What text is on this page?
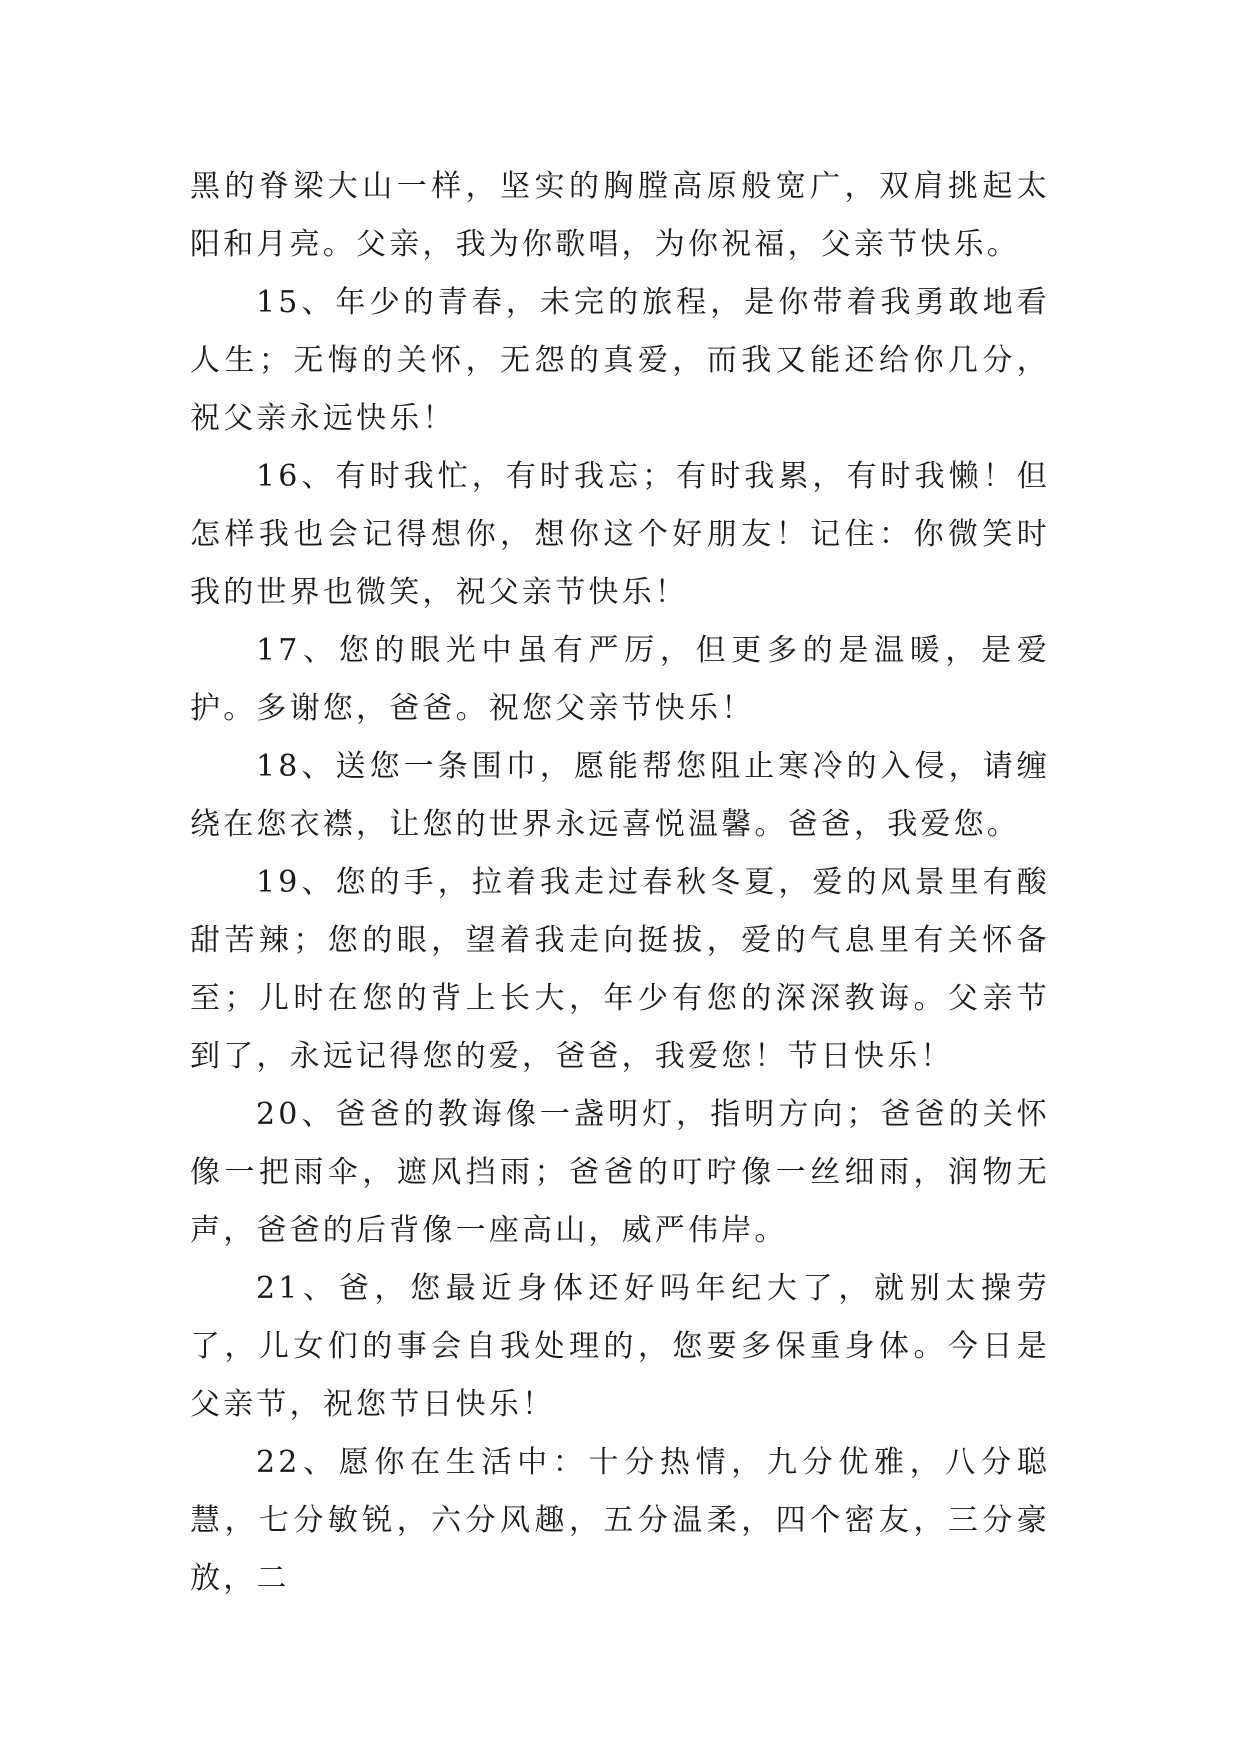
黑的脊梁大山一样，坚实的胸膛高原般宽广，双肩挑起太阳和月亮。父亲，我为你歌唱，为你祝福，父亲节快乐。

15、年少的青春，未完的旅程，是你带着我勇敢地看人生；无悔的关怀，无怨的真爱，而我又能还给你几分，祝父亲永远快乐！

16、有时我忙，有时我忘；有时我累，有时我懒！但怎样我也会记得想你，想你这个好朋友！记住：你微笑时我的世界也微笑，祝父亲节快乐！

17、您的眼光中虽有严厉，但更多的是温暖，是爱护。多谢您，爸爸。祝您父亲节快乐！

18、送您一条围巾，愿能帮您阻止寒冷的入侵，请缠绕在您衣襟，让您的世界永远喜悦温馨。爸爸，我爱您。

19、您的手，拉着我走过春秋冬夏，爱的风景里有酸甜苦辣；您的眼，望着我走向挺拔，爱的气息里有关怀备至；儿时在您的背上长大，年少有您的深深教诲。父亲节到了，永远记得您的爱，爸爸，我爱您！节日快乐！

20、爸爸的教诲像一盏明灯，指明方向；爸爸的关怀像一把雨伞，遮风挡雨；爸爸的叮咛像一丝细雨，润物无声，爸爸的后背像一座高山，威严伟岸。

21、爸，您最近身体还好吗年纪大了，就别太操劳了，儿女们的事会自我处理的，您要多保重身体。今日是父亲节，祝您节日快乐！

22、愿你在生活中：十分热情，九分优雅，八分聪慧，七分敏锐，六分风趣，五分温柔，四个密友，三分豪放，二
